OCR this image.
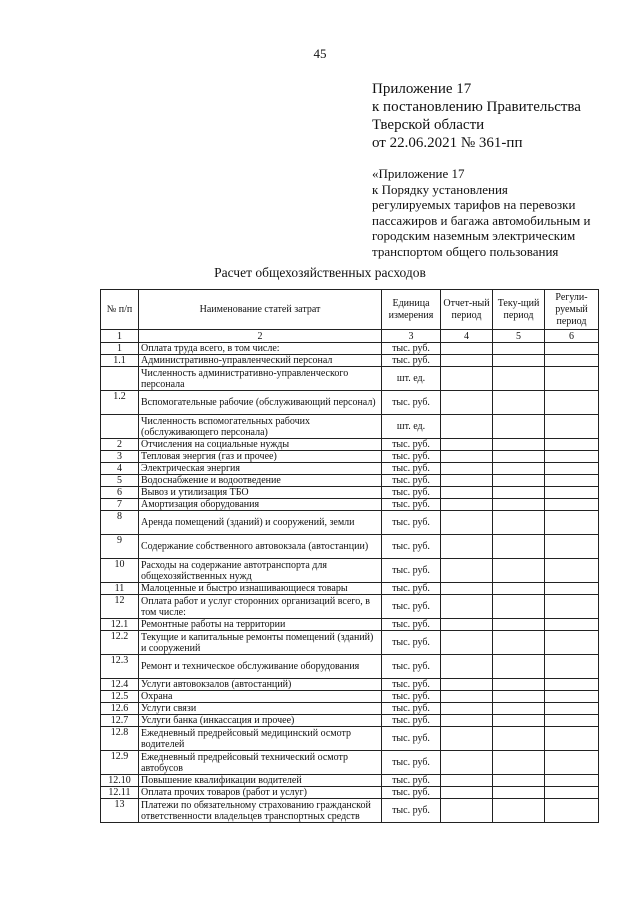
45
Приложение 17
к постановлению Правительства
Тверской области
от 22.06.2021 № 361-пп
«Приложение 17
к Порядку установления
регулируемых тарифов на перевозки
пассажиров и багажа автомобильным и
городским наземным электрическим
транспортом общего пользования
Расчет общехозяйственных расходов
№ п/п	Наименование статей затрат	Единица измерения	Отчет-ный период	Теку-щий период	Регули-руемый период
1	2	3	4	5	6
1	Оплата труда всего, в том числе:	тыс. руб.			
1.1	Административно-управленческий персонал	тыс. руб.			
	Численность административно-управленческого персонала	шт. ед.			
1.2	Вспомогательные рабочие (обслуживающий персонал)	тыс. руб.			
	Численность вспомогательных рабочих (обслуживающего персонала)	шт. ед.			
2	Отчисления на социальные нужды	тыс. руб.			
3	Тепловая энергия (газ и прочее)	тыс. руб.			
4	Электрическая энергия	тыс. руб.			
5	Водоснабжение и водоотведение	тыс. руб.			
6	Вывоз и утилизация ТБО	тыс. руб.			
7	Амортизация оборудования	тыс. руб.			
8	Аренда помещений (зданий) и сооружений, земли	тыс. руб.			
9	Содержание собственного автовокзала (автостанции)	тыс. руб.			
10	Расходы на содержание автотранспорта для общехозяйственных нужд	тыс. руб.			
11	Малоценные и быстро изнашивающиеся товары	тыс. руб.			
12	Оплата работ и услуг сторонних организаций всего, в том числе:	тыс. руб.			
12.1	Ремонтные работы на территории	тыс. руб.			
12.2	Текущие и капитальные ремонты помещений (зданий) и сооружений	тыс. руб.			
12.3	Ремонт и техническое обслуживание оборудования	тыс. руб.			
12.4	Услуги автовокзалов (автостанций)	тыс. руб.			
12.5	Охрана	тыс. руб.			
12.6	Услуги связи	тыс. руб.			
12.7	Услуги банка (инкассация и прочее)	тыс. руб.			
12.8	Ежедневный предрейсовый медицинский осмотр водителей	тыс. руб.			
12.9	Ежедневный предрейсовый технический осмотр автобусов	тыс. руб.			
12.10	Повышение квалификации водителей	тыс. руб.			
12.11	Оплата прочих товаров (работ и услуг)	тыс. руб.			
13	Платежи по обязательному страхованию гражданской ответственности владельцев транспортных средств	тыс. руб.			
